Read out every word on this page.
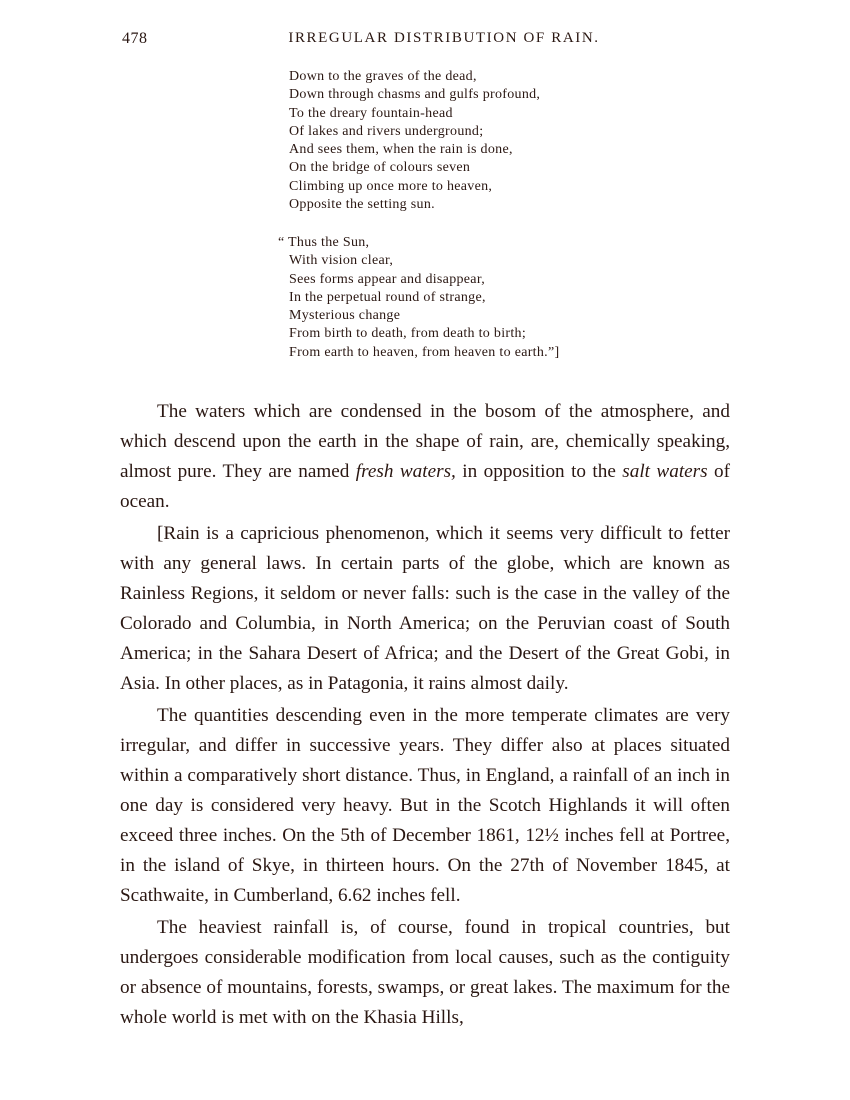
478	IRREGULAR DISTRIBUTION OF RAIN.
Down to the graves of the dead,
Down through chasms and gulfs profound,
To the dreary fountain-head
Of lakes and rivers underground;
And sees them, when the rain is done,
On the bridge of colours seven
Climbing up once more to heaven,
Opposite the setting sun.
“ Thus the Sun,
With vision clear,
Sees forms appear and disappear,
In the perpetual round of strange,
Mysterious change
From birth to death, from death to birth;
From earth to heaven, from heaven to earth.”]

The waters which are condensed in the bosom of the atmosphere, and which descend upon the earth in the shape of rain, are, chemically speaking, almost pure. They are named fresh waters, in opposition to the salt waters of ocean.

[Rain is a capricious phenomenon, which it seems very difficult to fetter with any general laws. In certain parts of the globe, which are known as Rainless Regions, it seldom or never falls: such is the case in the valley of the Colorado and Columbia, in North America; on the Peruvian coast of South America; in the Sahara Desert of Africa; and the Desert of the Great Gobi, in Asia. In other places, as in Patagonia, it rains almost daily.

The quantities descending even in the more temperate climates are very irregular, and differ in successive years. They differ also at places situated within a comparatively short distance. Thus, in England, a rainfall of an inch in one day is considered very heavy. But in the Scotch Highlands it will often exceed three inches. On the 5th of December 1861, 12½ inches fell at Portree, in the island of Skye, in thirteen hours. On the 27th of November 1845, at Scathwaite, in Cumberland, 6.62 inches fell.

The heaviest rainfall is, of course, found in tropical countries, but undergoes considerable modification from local causes, such as the contiguity or absence of mountains, forests, swamps, or great lakes. The maximum for the whole world is met with on the Khasia Hills,
